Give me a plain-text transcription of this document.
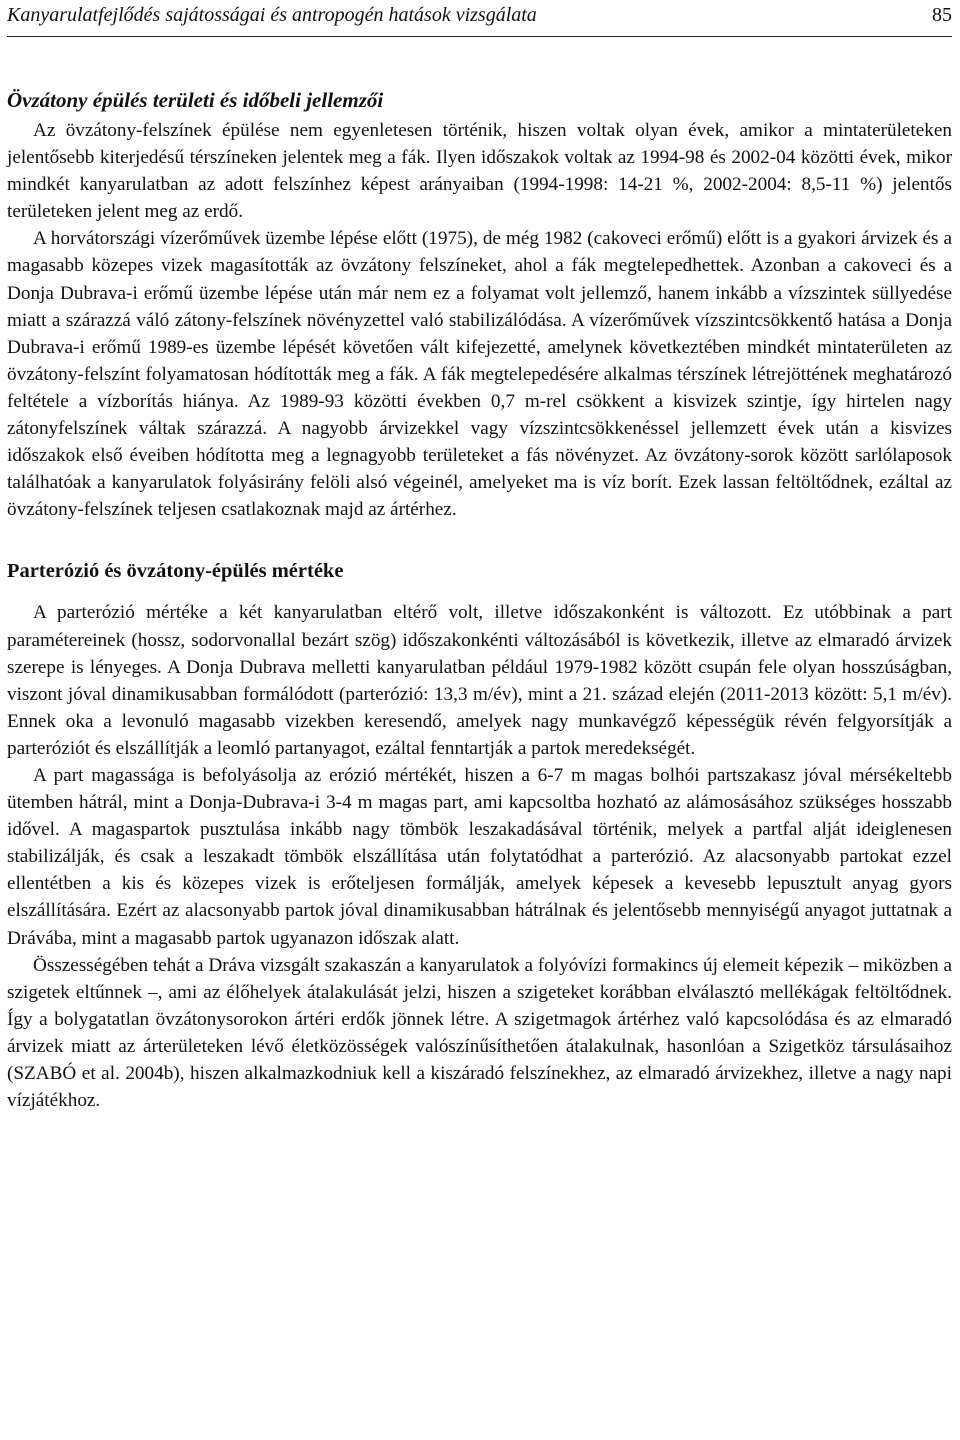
Kanyarulatfejlődés sajátosságai és antropogén hatások vizsgálata	85
Övzátony épülés területi és időbeli jellemzői

Az övzátony-felszínek épülése nem egyenletesen történik, hiszen voltak olyan évek, amikor a mintaterületeken jelentősebb kiterjedésű térszíneken jelentek meg a fák. Ilyen időszakok voltak az 1994-98 és 2002-04 közötti évek, mikor mindkét kanyarulatban az adott felszínhez képest arányaiban (1994-1998: 14-21 %, 2002-2004: 8,5-11 %) jelentős területeken jelent meg az erdő.

A horvátországi vízerőművek üzembe lépése előtt (1975), de még 1982 (cakoveci erőmű) előtt is a gyakori árvizek és a magasabb közepes vizek magasították az övzátony felszíneket, ahol a fák megtelepedhettek. Azonban a cakoveci és a Donja Dubrava-i erőmű üzembe lépése után már nem ez a folyamat volt jellemző, hanem inkább a vízszintek süllyedése miatt a szárazzá váló zátony-felszínek növényzettel való stabilizálódása. A vízerőművek vízszintcsökkentő hatása a Donja Dubrava-i erőmű 1989-es üzembe lépését követően vált kifejezetté, amelynek következtében mindkét mintaterületen az övzátony-felszínt folyamatosan hódították meg a fák. A fák megtelepedésére alkalmas térszínek létrejöttének meghatározó feltétele a vízborítás hiánya. Az 1989-93 közötti években 0,7 m-rel csökkent a kisvizek szintje, így hirtelen nagy zátonyfelszínek váltak szárazzá. A nagyobb árvizekkel vagy vízszintcsökkenéssel jellemzett évek után a kisvizes időszakok első éveiben hódította meg a legnagyobb területeket a fás növényzet. Az övzátony-sorok között sarlólaposok találhatóak a kanyarulatok folyásirány felöli alsó végeinél, amelyeket ma is víz borít. Ezek lassan feltöltődnek, ezáltal az övzátony-felszínek teljesen csatlakoznak majd az ártérhez.

Parterózió és övzátony-épülés mértéke

A parterózió mértéke a két kanyarulatban eltérő volt, illetve időszakonként is változott. Ez utóbbinak a part paramétereinek (hossz, sodorvonallal bezárt szög) időszakonkénti változásából is következik, illetve az elmaradó árvizek szerepe is lényeges. A Donja Dubrava melletti kanyarulatban például 1979-1982 között csupán fele olyan hosszúságban, viszont jóval dinamikusabban formálódott (parterózió: 13,3 m/év), mint a 21. század elején (2011-2013 között: 5,1 m/év). Ennek oka a levonuló magasabb vizekben keresendő, amelyek nagy munkavégző képességük révén felgyorsítják a parteróziót és elszállítják a leomló partanyagot, ezáltal fenntartják a partok meredekségét.

A part magassága is befolyásolja az erózió mértékét, hiszen a 6-7 m magas bolhói partszakasz jóval mérsékeltebb ütemben hátrál, mint a Donja-Dubrava-i 3-4 m magas part, ami kapcsoltba hozható az alámosásához szükséges hosszabb idővel. A magaspartok pusztulása inkább nagy tömbök leszakadásával történik, melyek a partfal alját ideiglenesen stabilizálják, és csak a leszakadt tömbök elszállítása után folytatódhat a parterózió. Az alacsonyabb partokat ezzel ellentétben a kis és közepes vizek is erőteljesen formálják, amelyek képesek a kevesebb lepusztult anyag gyors elszállítására. Ezért az alacsonyabb partok jóval dinamikusabban hátrálnak és jelentősebb mennyiségű anyagot juttatnak a Drávába, mint a magasabb partok ugyanazon időszak alatt.

Összességében tehát a Dráva vizsgált szakaszán a kanyarulatok a folyóvízi formakincs új elemeit képezik – miközben a szigetek eltűnnek –, ami az élőhelyek átalakulását jelzi, hiszen a szigeteket korábban elválasztó mellékágak feltöltődnek. Így a bolygatatlan övzátonysorokon ártéri erdők jönnek létre. A szigetmagok ártérhez való kapcsolódása és az elmaradó árvizek miatt az árterületeken lévő életközösségek valószínűsíthetően átalakulnak, hasonlóan a Szigetköz társulásaihoz (SZABÓ et al. 2004b), hiszen alkalmazkodniuk kell a kiszáradó felszínekhez, az elmaradó árvizekhez, illetve a nagy napi vízjátékhoz.
